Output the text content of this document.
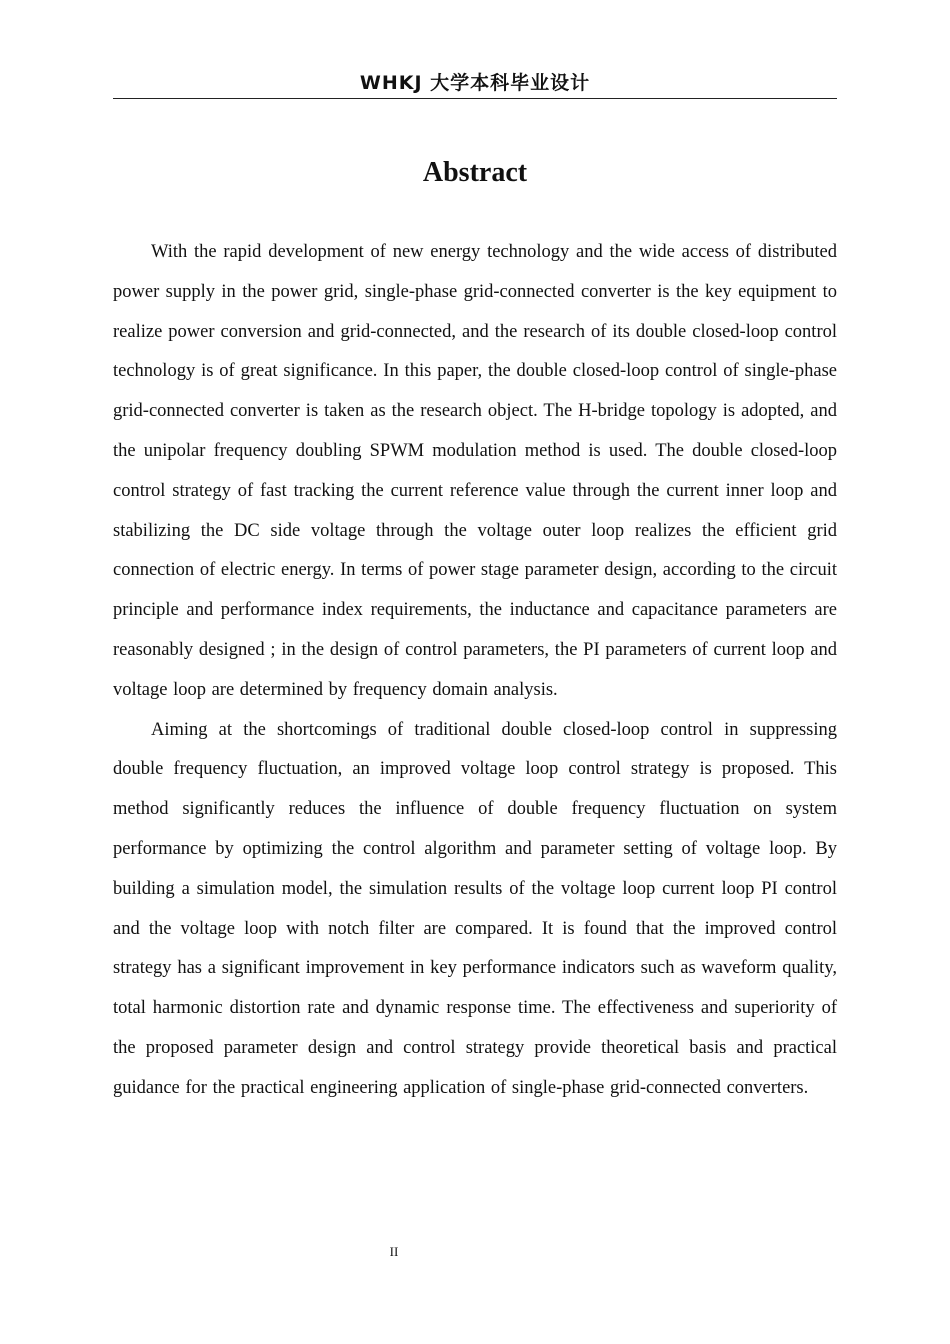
WHKJ 大学本科毕业设计
Abstract

With the rapid development of new energy technology and the wide access of distributed power supply in the power grid, single-phase grid-connected converter is the key equipment to realize power conversion and grid-connected, and the research of its double closed-loop control technology is of great significance. In this paper, the double closed-loop control of single-phase grid-connected converter is taken as the research object. The H-bridge topology is adopted, and the unipolar frequency doubling SPWM modulation method is used. The double closed-loop control strategy of fast tracking the current reference value through the current inner loop and stabilizing the DC side voltage through the voltage outer loop realizes the efficient grid connection of electric energy. In terms of power stage parameter design, according to the circuit principle and performance index requirements, the inductance and capacitance parameters are reasonably designed ; in the design of control parameters, the PI parameters of current loop and voltage loop are determined by frequency domain analysis.

Aiming at the shortcomings of traditional double closed-loop control in suppressing double frequency fluctuation, an improved voltage loop control strategy is proposed. This method significantly reduces the influence of double frequency fluctuation on system performance by optimizing the control algorithm and parameter setting of voltage loop. By building a simulation model, the simulation results of the voltage loop current loop PI control and the voltage loop with notch filter are compared. It is found that the improved control strategy has a significant improvement in key performance indicators such as waveform quality, total harmonic distortion rate and dynamic response time. The effectiveness and superiority of the proposed parameter design and control strategy provide theoretical basis and practical guidance for the practical engineering application of single-phase grid-connected converters.

II
